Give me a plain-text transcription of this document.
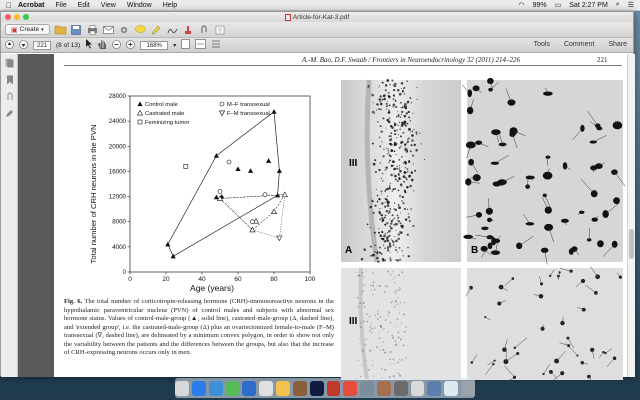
Acrobat File Edit View Window Help	◠ 99% ▭ Sat 2:27 PM ⌕ ☰
Article-for-Kat-3.pdf
▣ Create ▾
221	(8 of 13)	168%	▾	Tools Comment Share
A.-M. Bao, D.F. Swaab / Frontiers in Neuroendocrinology 32 (2011) 214–226	221
0	20	40	60	80	100
0
4000
8000
12000
16000
20000
24000
28000
Control male
Castrated male
Feminizing tumor
M–F transsexual
F–M transsexual
Total number of CRH neurons in the PVN
Age (years)
Fig. 6. The total number of corticotropin-releasing hormone (CRH)-immunoreactive neurons in the hypothalamic paraventricular nucleus (PVN) of control males and subjects with abnormal sex hormone status. Values of control-male-group (▲, solid line), castrated-male-group (Δ, dashed line), and 'extended group', i.e. the castrated-male-group (Δ) plus an ovariectomized female-to-male (F–M) transsexual (∇, dashed line), are delineated by a minimum convex polygon, in order to show not only the variability between the patients and the differences between the groups, but also that the increase of CRH-expressing neurons occurs only in men.
III
A	B
III
